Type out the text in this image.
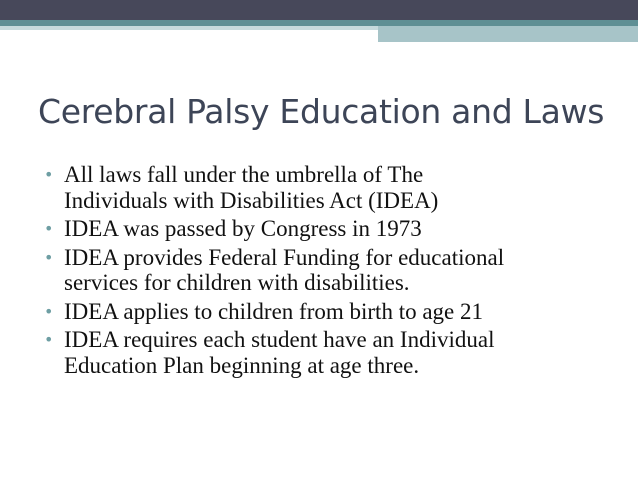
Cerebral Palsy Education and Laws
• All laws fall under the umbrella of The
Individuals with Disabilities Act (IDEA)
• IDEA was passed by Congress in 1973
• IDEA provides Federal Funding for educational
services for children with disabilities.
• IDEA applies to children from birth to age 21
• IDEA requires each student have an Individual
Education Plan beginning at age three.
